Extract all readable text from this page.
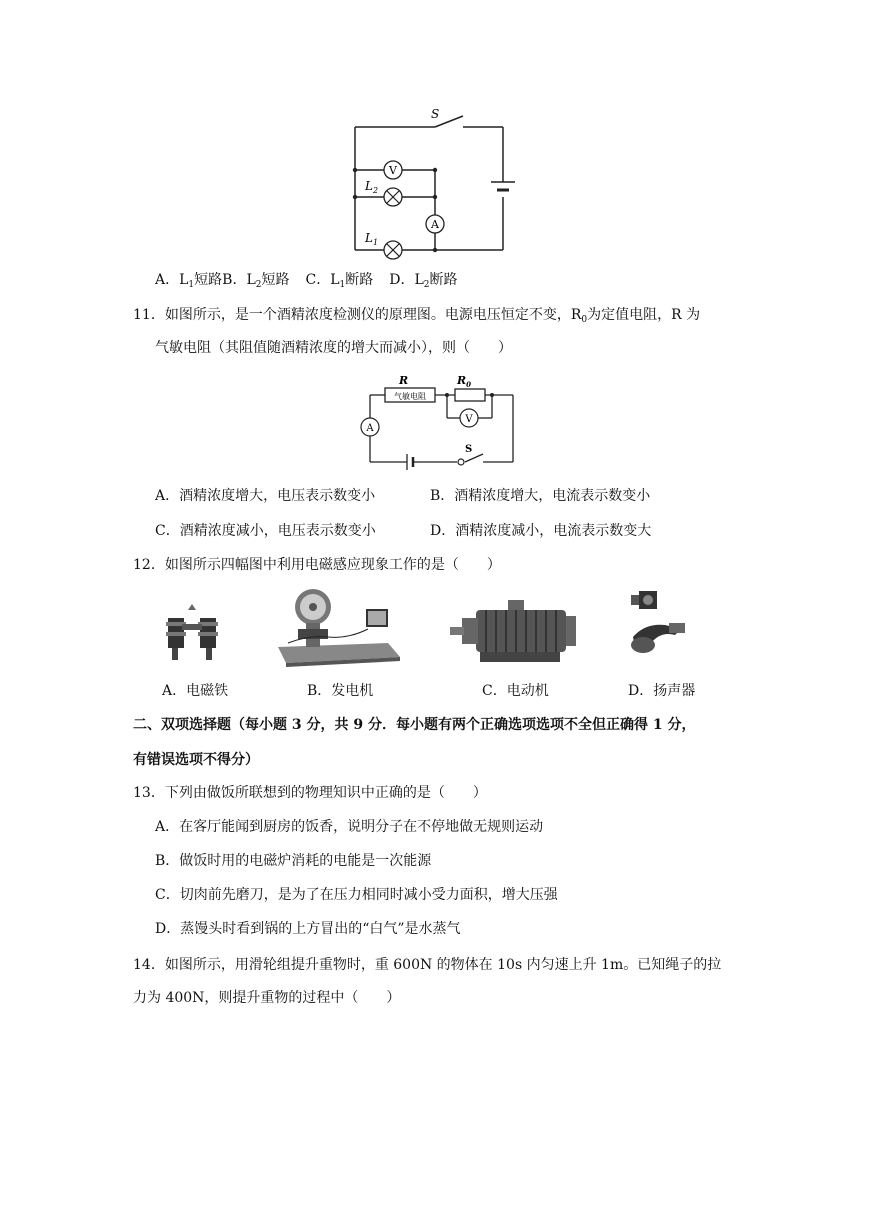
V
A
S
$L_2$
$L_1$
A．$L_1$短路B．$L_2$短路 C．$L_1$断路 D．$L_2$断路
11．如图所示，是一个酒精浓度检测仪的原理图。电源电压恒定不变，$R_0$为定值电阻，R 为
气敏电阻（其阻值随酒精浓度的增大而减小），则（　　）
气敏电阻
V
A
R	$R_0$
S
A．酒精浓度增大，电压表示数变小	B．酒精浓度增大，电流表示数变小
C．酒精浓度减小，电压表示数变小	D．酒精浓度减小，电流表示数变大
12．如图所示四幅图中利用电磁感应现象工作的是（　　）
A．电磁铁	B．发电机	C．电动机	D．扬声器
二、双项选择题（每小题 3 分，共 9 分．每小题有两个正确选项选项不全但正确得 1 分，
有错误选项不得分）
13．下列由做饭所联想到的物理知识中正确的是（　　）
A．在客厅能闻到厨房的饭香，说明分子在不停地做无规则运动
B．做饭时用的电磁炉消耗的电能是一次能源
C．切肉前先磨刀，是为了在压力相同时减小受力面积，增大压强
D．蒸馒头时看到锅的上方冒出的“白气”是水蒸气
14．如图所示，用滑轮组提升重物时，重 600N 的物体在 10s 内匀速上升 1m。已知绳子的拉
力为 400N，则提升重物的过程中（　　）
